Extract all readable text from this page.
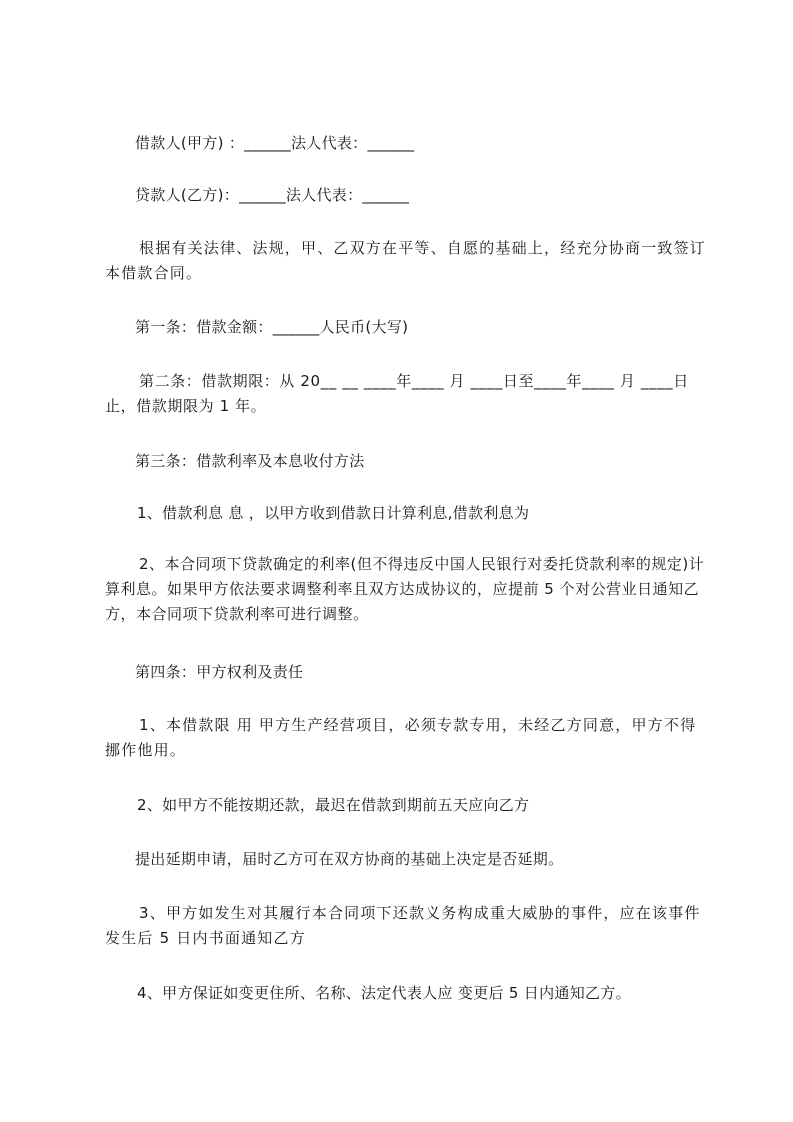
借款人(甲方) ：______法人代表：______
贷款人(乙方)：______法人代表：______
根据有关法律、法规，甲、乙双方在平等、自愿的基础上，经充分协商一致签订本借款合同。
第一条：借款金额：______人民币(大写)
第二条：借款期限：从 20__ __ ____年____ 月 ____日至____年____ 月 ____日止，借款期限为 1 年。
第三条：借款利率及本息收付方法
1、借款利息 息 ，以甲方收到借款日计算利息,借款利息为
2、本合同项下贷款确定的利率(但不得违反中国人民银行对委托贷款利率的规定)计算利息。如果甲方依法要求调整利率且双方达成协议的，应提前 5 个对公营业日通知乙方，本合同项下贷款利率可进行调整。
第四条：甲方权利及责任
1、本借款限 用 甲方生产经营项目，必须专款专用，未经乙方同意，甲方不得挪作他用。
2、如甲方不能按期还款，最迟在借款到期前五天应向乙方
提出延期申请，届时乙方可在双方协商的基础上决定是否延期。
3、甲方如发生对其履行本合同项下还款义务构成重大威胁的事件，应在该事件发生后 5 日内书面通知乙方
4、甲方保证如变更住所、名称、法定代表人应 变更后 5 日内通知乙方。
